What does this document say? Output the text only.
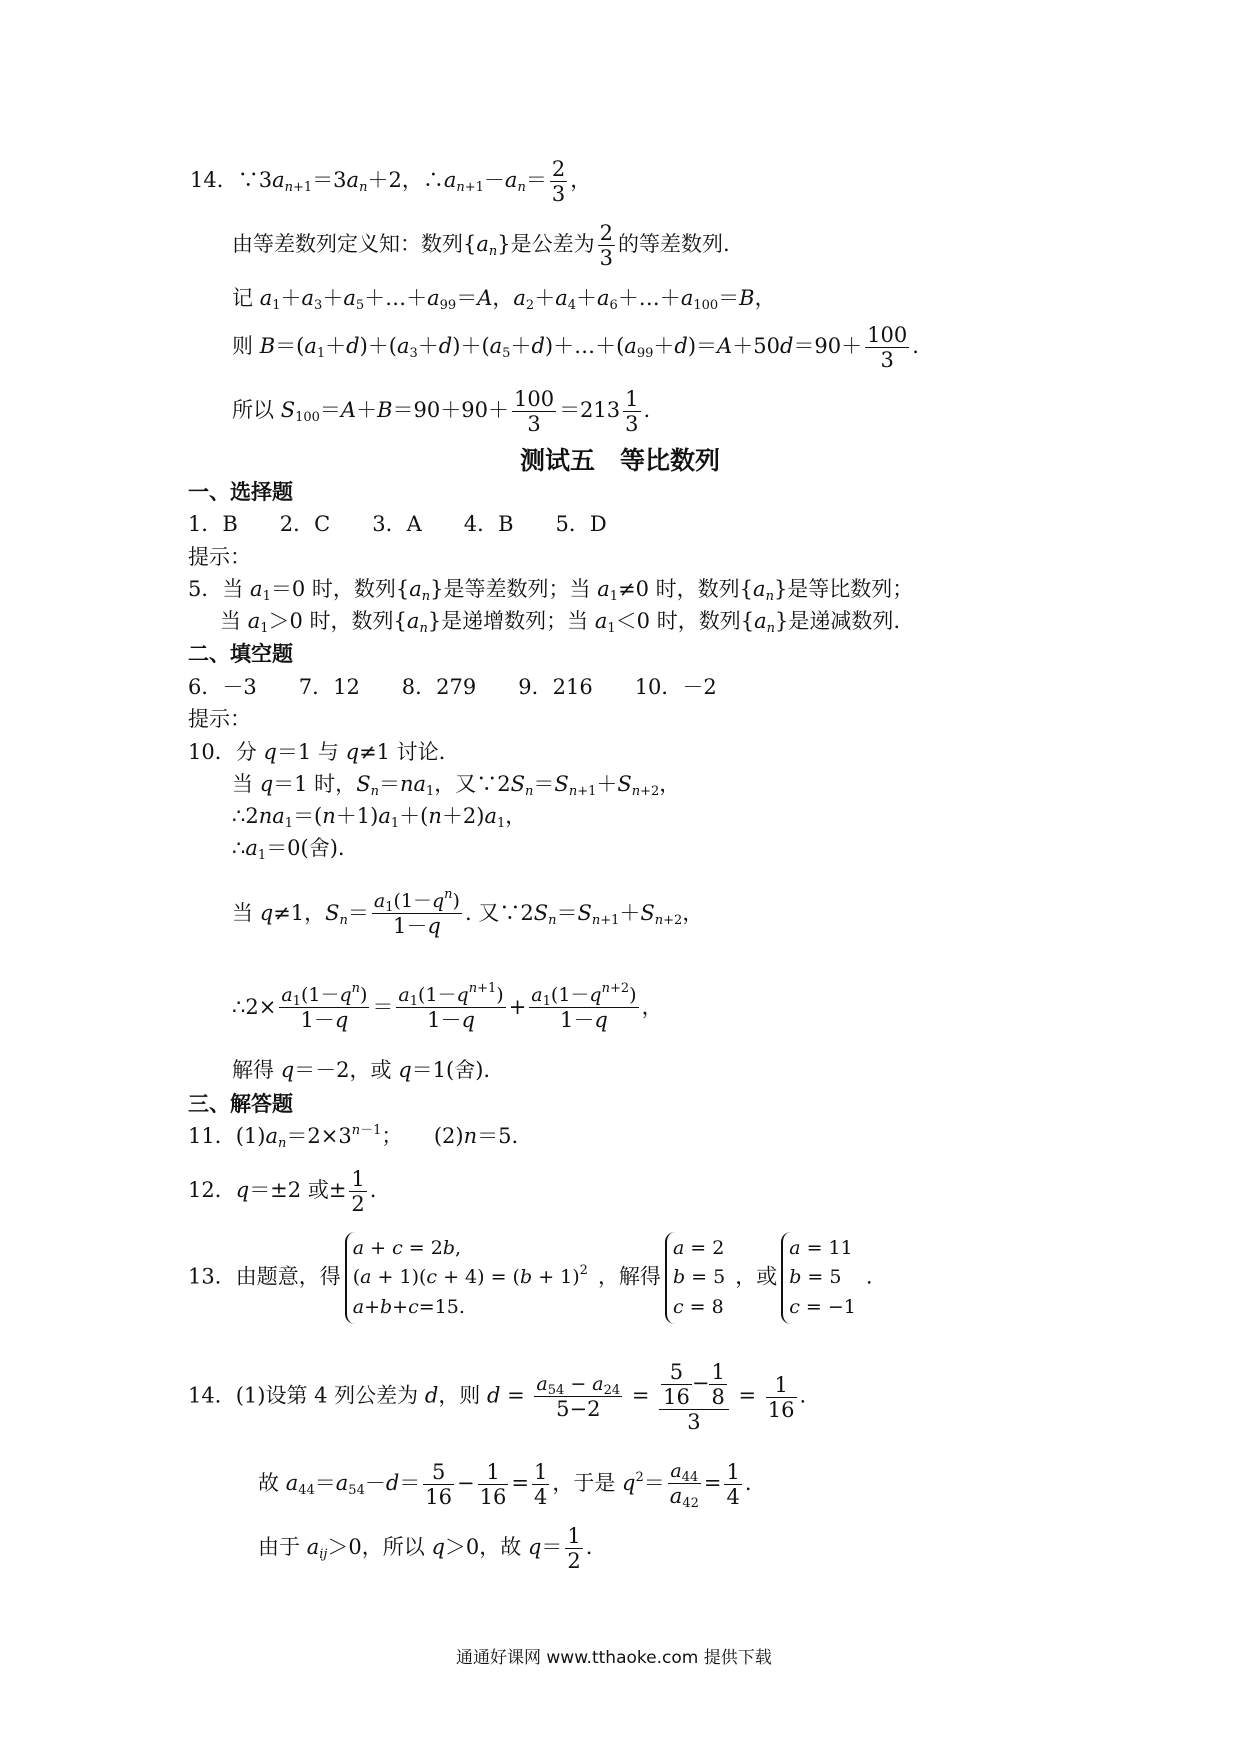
14．$\because 3a_{n+1}=3a_n+2$，$\therefore a_{n+1}-a_n= \frac{2}{3}$ ，
由等差数列定义知：数列$\{a_n\}$是公差为 $\frac{2}{3}$ 的等差数列.
记 $a_1+a_3+a_5+\dots+a_{99}=A$，$a_2+a_4+a_6+\dots+a_{100}=B$，
则 $B=(a_1+d)+(a_3+d)+(a_5+d)+\dots+(a_{99}+d)=A+50d=90+ \frac{100}{3}$ .
所以 $S_{100}=A+B=90+90+ \frac{100}{3} =213 \frac{1}{3}$ .
测试五　等比数列
一、选择题
1．B　　2．C　　3．A　　4．B　　5．D
提示：
5．当 $a_1=0$ 时，数列$\{a_n\}$是等差数列；当 $a_1\ne 0$ 时，数列$\{a_n\}$是等比数列；
当 $a_1>0$ 时，数列$\{a_n\}$是递增数列；当 $a_1<0$ 时，数列$\{a_n\}$是递减数列.
二、填空题
6．－3　　7．12　　8．279　　9．216　　10．－2
提示：
10．分 q＝1 与 q≠1 讨论.
当 q＝1 时，$S_n=na_1$，又$\because 2S_n=S_{n+1}+S_{n+2}$，
$\therefore 2na_1=(n+1)a_1+(n+2)a_1$，
$\therefore a_1=0$(舍).
当 q≠1，$S_n= \frac{a_1(1-q^n)}{1-q}$ . 又$\because 2S_n=S_{n+1}+S_{n+2}$，
∴2× $\frac{a_1(1-q^n)}{1-q} = \frac{a_1(1-q^{n+1})}{1-q} + \frac{a_1(1-q^{n+2})}{1-q}$ ，
解得 q＝－2，或 q＝1(舍).
三、解答题
11．$(1)a_n=2\times 3^{n-1}$；　　(2)n＝5.
12．q＝±2 或± $\frac{1}{2}$ .
13．由题意，得
a + c = 2b,
$(a + 1)(c + 4) = (b + 1)^2$
a+b+c=15.
，解得
a = 2
b = 5
c = 8
，或
a = 11
b = 5
c = −1
.
14．(1)设第 4 列公差为 d，则 $d = \frac{a_{54} - a_{24}}{5-2} = \frac{\frac{5}{16} - \frac{1}{8}}{3} = \frac{1}{16}$ .
故 $a_{44}=a_{54}-d= \frac{5}{16} - \frac{1}{16} = \frac{1}{4}$ ，于是 $q^2= \frac{a_{44}}{a_{42}} = \frac{1}{4}$ .
由于 $a_{ij}>0$，所以 q＞0，故 $q= \frac{1}{2}$ .
通通好课网 www.tthaoke.com 提供下载
